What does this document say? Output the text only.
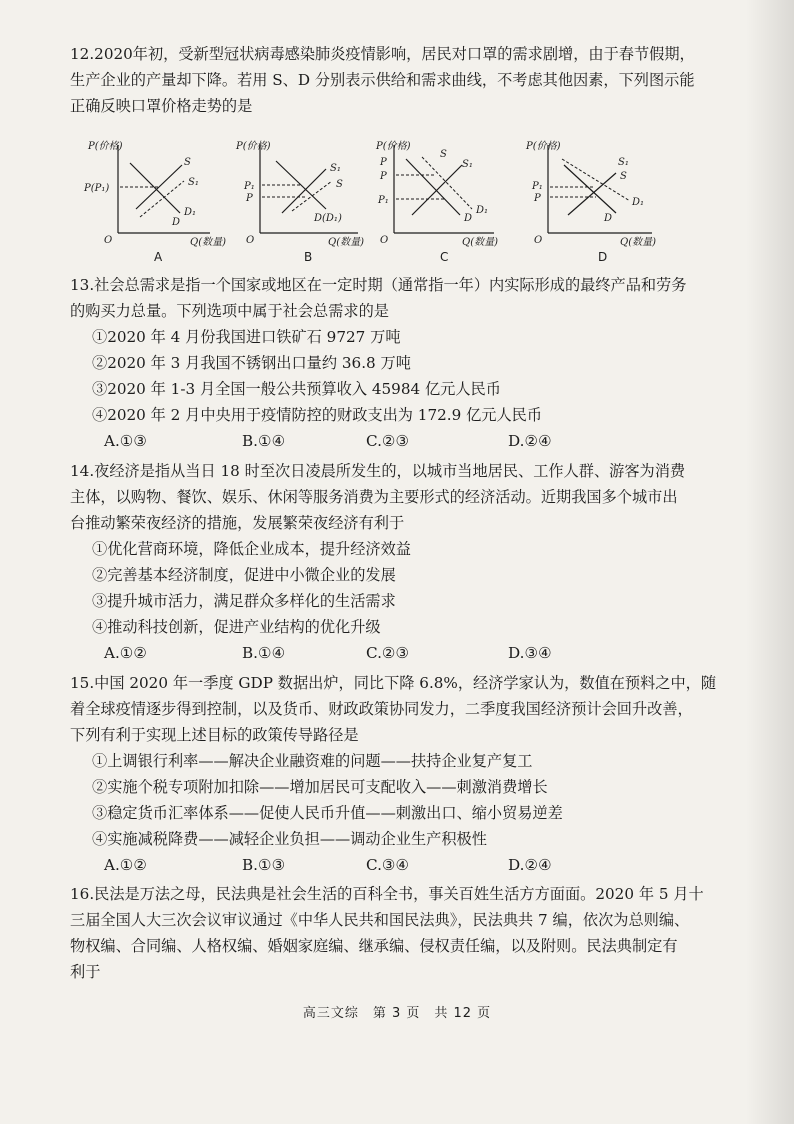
12.2020年初，受新型冠状病毒感染肺炎疫情影响，居民对口罩的需求剧增，由于春节假期，
生产企业的产量却下降。若用 S、D 分别表示供给和需求曲线，不考虑其他因素，下列图示能
正确反映口罩价格走势的是
P(价格)
P(P₁)
S
S₁
D₁
D
O	Q(数量)
A
P(价格)
P₁
P
S₁
S
D(D₁)
O	Q(数量)
B
P(价格)
P
P
P₁
S
S₁
D
D₁
O	Q(数量)
C
P(价格)
P₁
P
S₁
S
D
D₁
O	Q(数量)
D
13.社会总需求是指一个国家或地区在一定时期（通常指一年）内实际形成的最终产品和劳务
的购买力总量。下列选项中属于社会总需求的是
①2020 年 4 月份我国进口铁矿石 9727 万吨
②2020 年 3 月我国不锈钢出口量约 36.8 万吨
③2020 年 1-3 月全国一般公共预算收入 45984 亿元人民币
④2020 年 2 月中央用于疫情防控的财政支出为 172.9 亿元人民币
A.①③	B.①④	C.②③	D.②④
14.夜经济是指从当日 18 时至次日凌晨所发生的，以城市当地居民、工作人群、游客为消费
主体，以购物、餐饮、娱乐、休闲等服务消费为主要形式的经济活动。近期我国多个城市出
台推动繁荣夜经济的措施，发展繁荣夜经济有利于
①优化营商环境，降低企业成本，提升经济效益
②完善基本经济制度，促进中小微企业的发展
③提升城市活力，满足群众多样化的生活需求
④推动科技创新，促进产业结构的优化升级
A.①②	B.①④	C.②③	D.③④
15.中国 2020 年一季度 GDP 数据出炉，同比下降 6.8%，经济学家认为，数值在预料之中，随
着全球疫情逐步得到控制，以及货币、财政政策协同发力，二季度我国经济预计会回升改善，
下列有利于实现上述目标的政策传导路径是
①上调银行利率——解决企业融资难的问题——扶持企业复产复工
②实施个税专项附加扣除——增加居民可支配收入——刺激消费增长
③稳定货币汇率体系——促使人民币升值——刺激出口、缩小贸易逆差
④实施减税降费——减轻企业负担——调动企业生产积极性
A.①②	B.①③	C.③④	D.②④
16.民法是万法之母，民法典是社会生活的百科全书，事关百姓生活方方面面。2020 年 5 月十
三届全国人大三次会议审议通过《中华人民共和国民法典》，民法典共 7 编，依次为总则编、
物权编、合同编、人格权编、婚姻家庭编、继承编、侵权责任编，以及附则。民法典制定有
利于
高三文综　第 3 页　共 12 页
